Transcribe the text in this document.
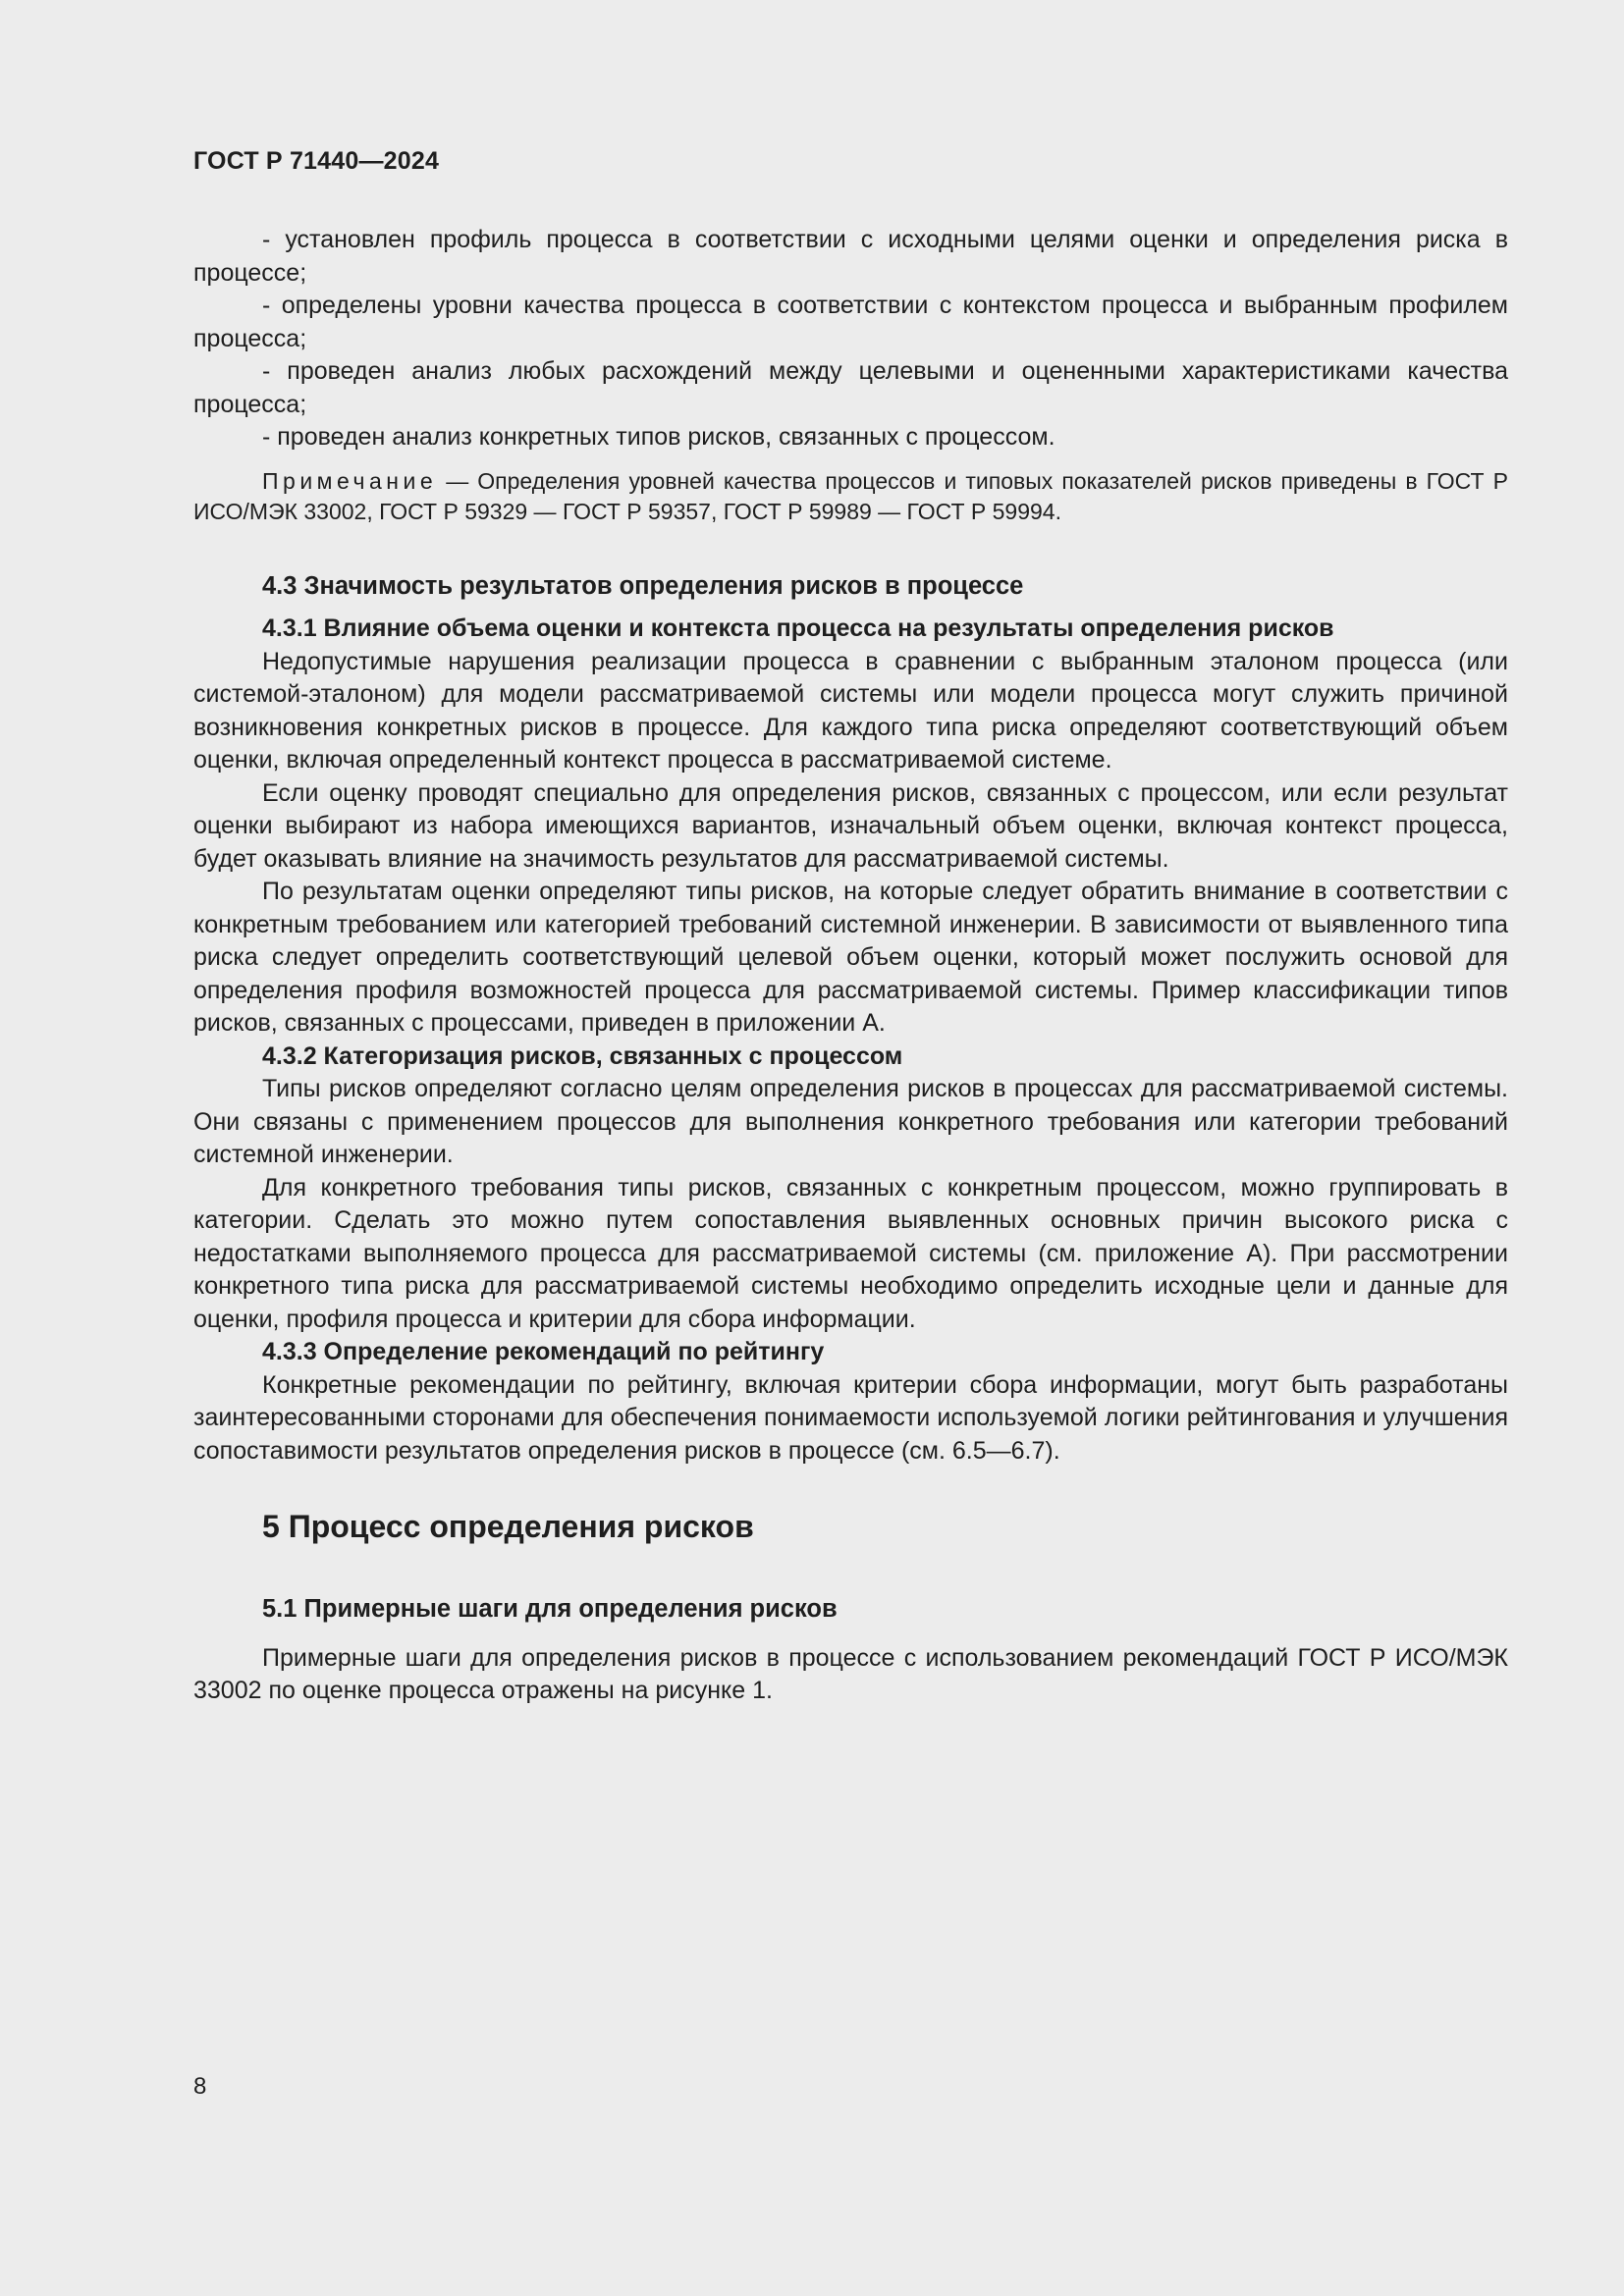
ГОСТ Р 71440—2024

- установлен профиль процесса в соответствии с исходными целями оценки и определения риска в процессе;

- определены уровни качества процесса в соответствии с контекстом процесса и выбранным профилем процесса;

- проведен анализ любых расхождений между целевыми и оцененными характеристиками качества процесса;

- проведен анализ конкретных типов рисков, связанных с процессом.

Примечание — Определения уровней качества процессов и типовых показателей рисков приведены в ГОСТ Р ИСО/МЭК 33002, ГОСТ Р 59329 — ГОСТ Р 59357, ГОСТ Р 59989 — ГОСТ Р 59994.

4.3 Значимость результатов определения рисков в процессе

4.3.1 Влияние объема оценки и контекста процесса на результаты определения рисков

Недопустимые нарушения реализации процесса в сравнении с выбранным эталоном процесса (или системой-эталоном) для модели рассматриваемой системы или модели процесса могут служить причиной возникновения конкретных рисков в процессе. Для каждого типа риска определяют соответствующий объем оценки, включая определенный контекст процесса в рассматриваемой системе.

Если оценку проводят специально для определения рисков, связанных с процессом, или если результат оценки выбирают из набора имеющихся вариантов, изначальный объем оценки, включая контекст процесса, будет оказывать влияние на значимость результатов для рассматриваемой системы.

По результатам оценки определяют типы рисков, на которые следует обратить внимание в соответствии с конкретным требованием или категорией требований системной инженерии. В зависимости от выявленного типа риска следует определить соответствующий целевой объем оценки, который может послужить основой для определения профиля возможностей процесса для рассматриваемой системы. Пример классификации типов рисков, связанных с процессами, приведен в приложении А.

4.3.2 Категоризация рисков, связанных с процессом

Типы рисков определяют согласно целям определения рисков в процессах для рассматриваемой системы. Они связаны с применением процессов для выполнения конкретного требования или категории требований системной инженерии.

Для конкретного требования типы рисков, связанных с конкретным процессом, можно группировать в категории. Сделать это можно путем сопоставления выявленных основных причин высокого риска с недостатками выполняемого процесса для рассматриваемой системы (см. приложение А). При рассмотрении конкретного типа риска для рассматриваемой системы необходимо определить исходные цели и данные для оценки, профиля процесса и критерии для сбора информации.

4.3.3 Определение рекомендаций по рейтингу

Конкретные рекомендации по рейтингу, включая критерии сбора информации, могут быть разработаны заинтересованными сторонами для обеспечения понимаемости используемой логики рейтингования и улучшения сопоставимости результатов определения рисков в процессе (см. 6.5—6.7).

5 Процесс определения рисков

5.1 Примерные шаги для определения рисков

Примерные шаги для определения рисков в процессе с использованием рекомендаций ГОСТ Р ИСО/МЭК 33002 по оценке процесса отражены на рисунке 1.

8
